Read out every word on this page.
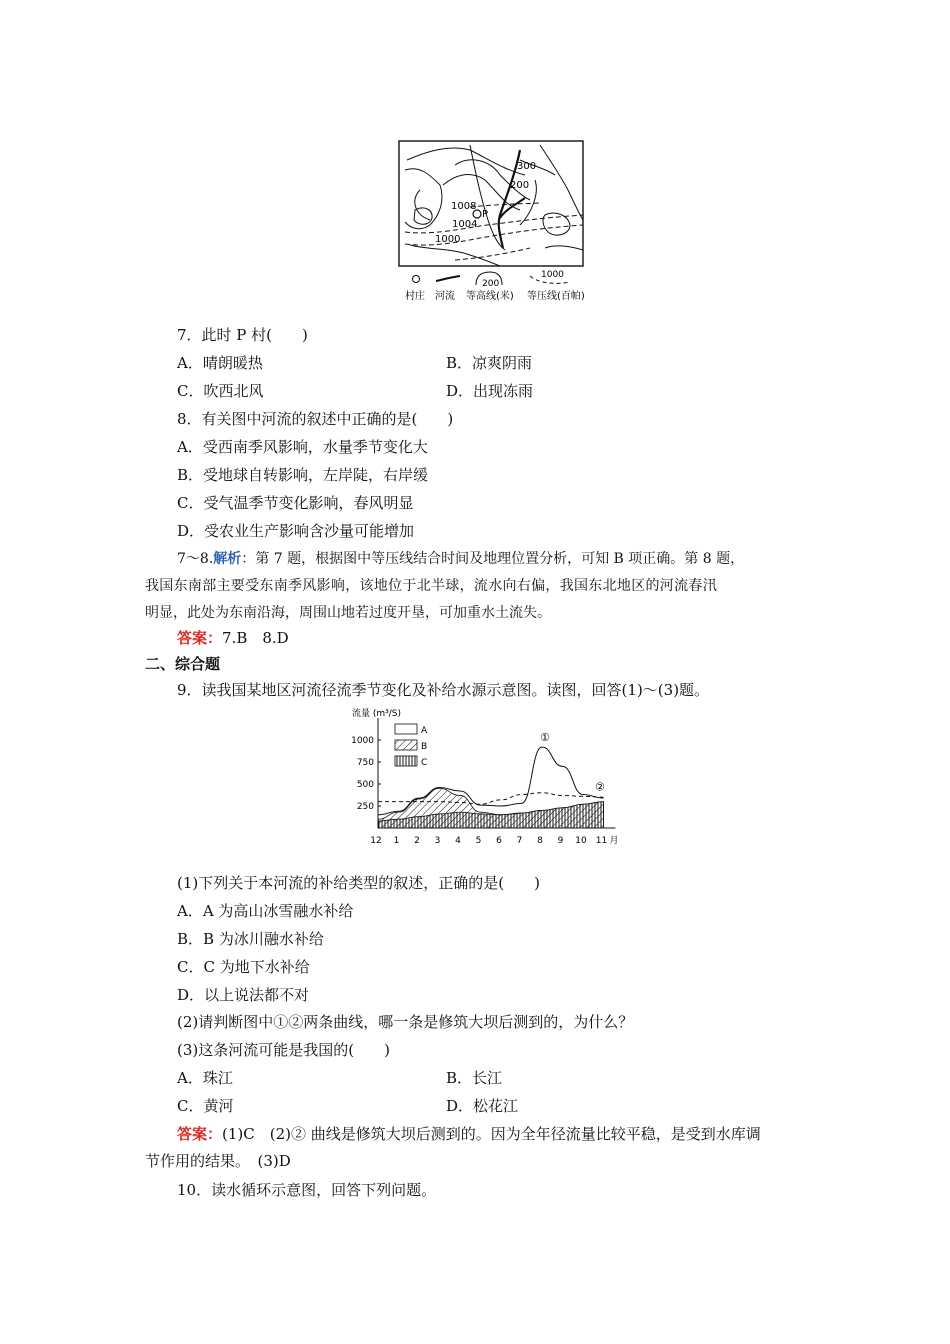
P
300
200
1008
1004
1000
200
1000
村庄 河流 等高线(米) 等压线(百帕)
7．此时 P 村(　　)
A．晴朗暖热	B．凉爽阴雨
C．吹西北风	D．出现冻雨
8．有关图中河流的叙述中正确的是(　　)
A．受西南季风影响，水量季节变化大
B．受地球自转影响，左岸陡，右岸缓
C．受气温季节变化影响，春风明显
D．受农业生产影响含沙量可能增加
7～8.解析：第 7 题，根据图中等压线结合时间及地理位置分析，可知 B 项正确。第 8 题，
我国东南部主要受东南季风影响，该地位于北半球，流水向右偏，我国东北地区的河流春汛
明显，此处为东南沿海，周围山地若过度开垦，可加重水土流失。
答案：7.B　8.D
二、综合题
9．读我国某地区河流径流季节变化及补给水源示意图。读图，回答(1)～(3)题。
流量 (m³/S)
250
500
750
1000
12 1 2 3 4 5 6 7 8 9 10 11 月
①
②
A
B
C
(1)下列关于本河流的补给类型的叙述，正确的是(　　)
A．A 为高山冰雪融水补给
B．B 为冰川融水补给
C．C 为地下水补给
D．以上说法都不对
(2)请判断图中①②两条曲线，哪一条是修筑大坝后测到的，为什么？
(3)这条河流可能是我国的(　　)
A．珠江	B．长江
C．黄河	D．松花江
答案：(1)C　(2)② 曲线是修筑大坝后测到的。因为全年径流量比较平稳，是受到水库调
节作用的结果。　(3)D
10．读水循环示意图，回答下列问题。
